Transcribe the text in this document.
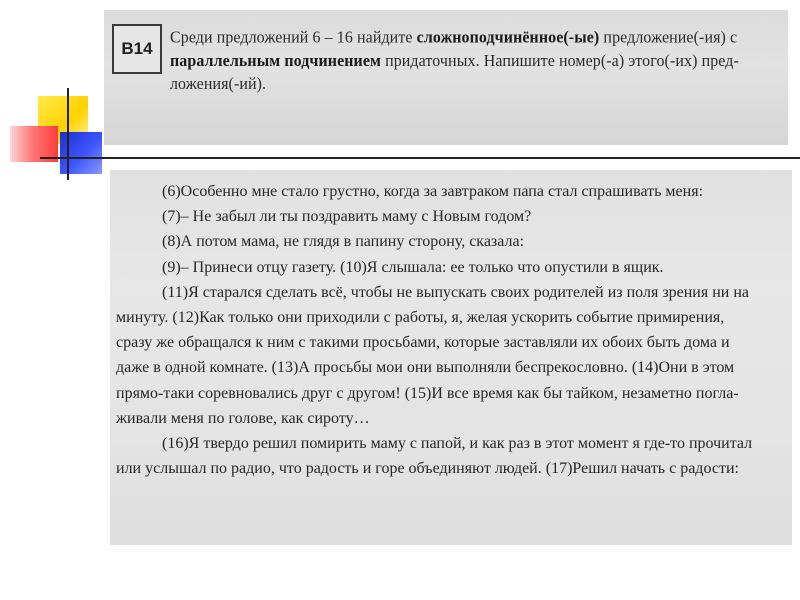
B14
Среди предложений 6 – 16 найдите сложноподчинённое(-ые) предложение(-ия) с
параллельным подчинением придаточных. Напишите номер(-а) этого(-их) пред-
ложения(-ий).
(6)Особенно мне стало грустно, когда за завтраком папа стал спрашивать меня:
(7)– Не забыл ли ты поздравить маму с Новым годом?
(8)А потом мама, не глядя в папину сторону, сказала:
(9)– Принеси отцу газету. (10)Я слышала: ее только что опустили в ящик.
(11)Я старался сделать всё, чтобы не выпускать своих родителей из поля зрения ни на
минуту. (12)Как только они приходили с работы, я, желая ускорить событие примирения,
сразу же обращался к ним с такими просьбами, которые заставляли их обоих быть дома и
даже в одной комнате. (13)А просьбы мои они выполняли беспрекословно. (14)Они в этом
прямо-таки соревновались друг с другом! (15)И все время как бы тайком, незаметно погла-
живали меня по голове, как сироту…
(16)Я твердо решил помирить маму с папой, и как раз в этот момент я где-то прочитал
или услышал по радио, что радость и горе объединяют людей. (17)Решил начать с радости:
